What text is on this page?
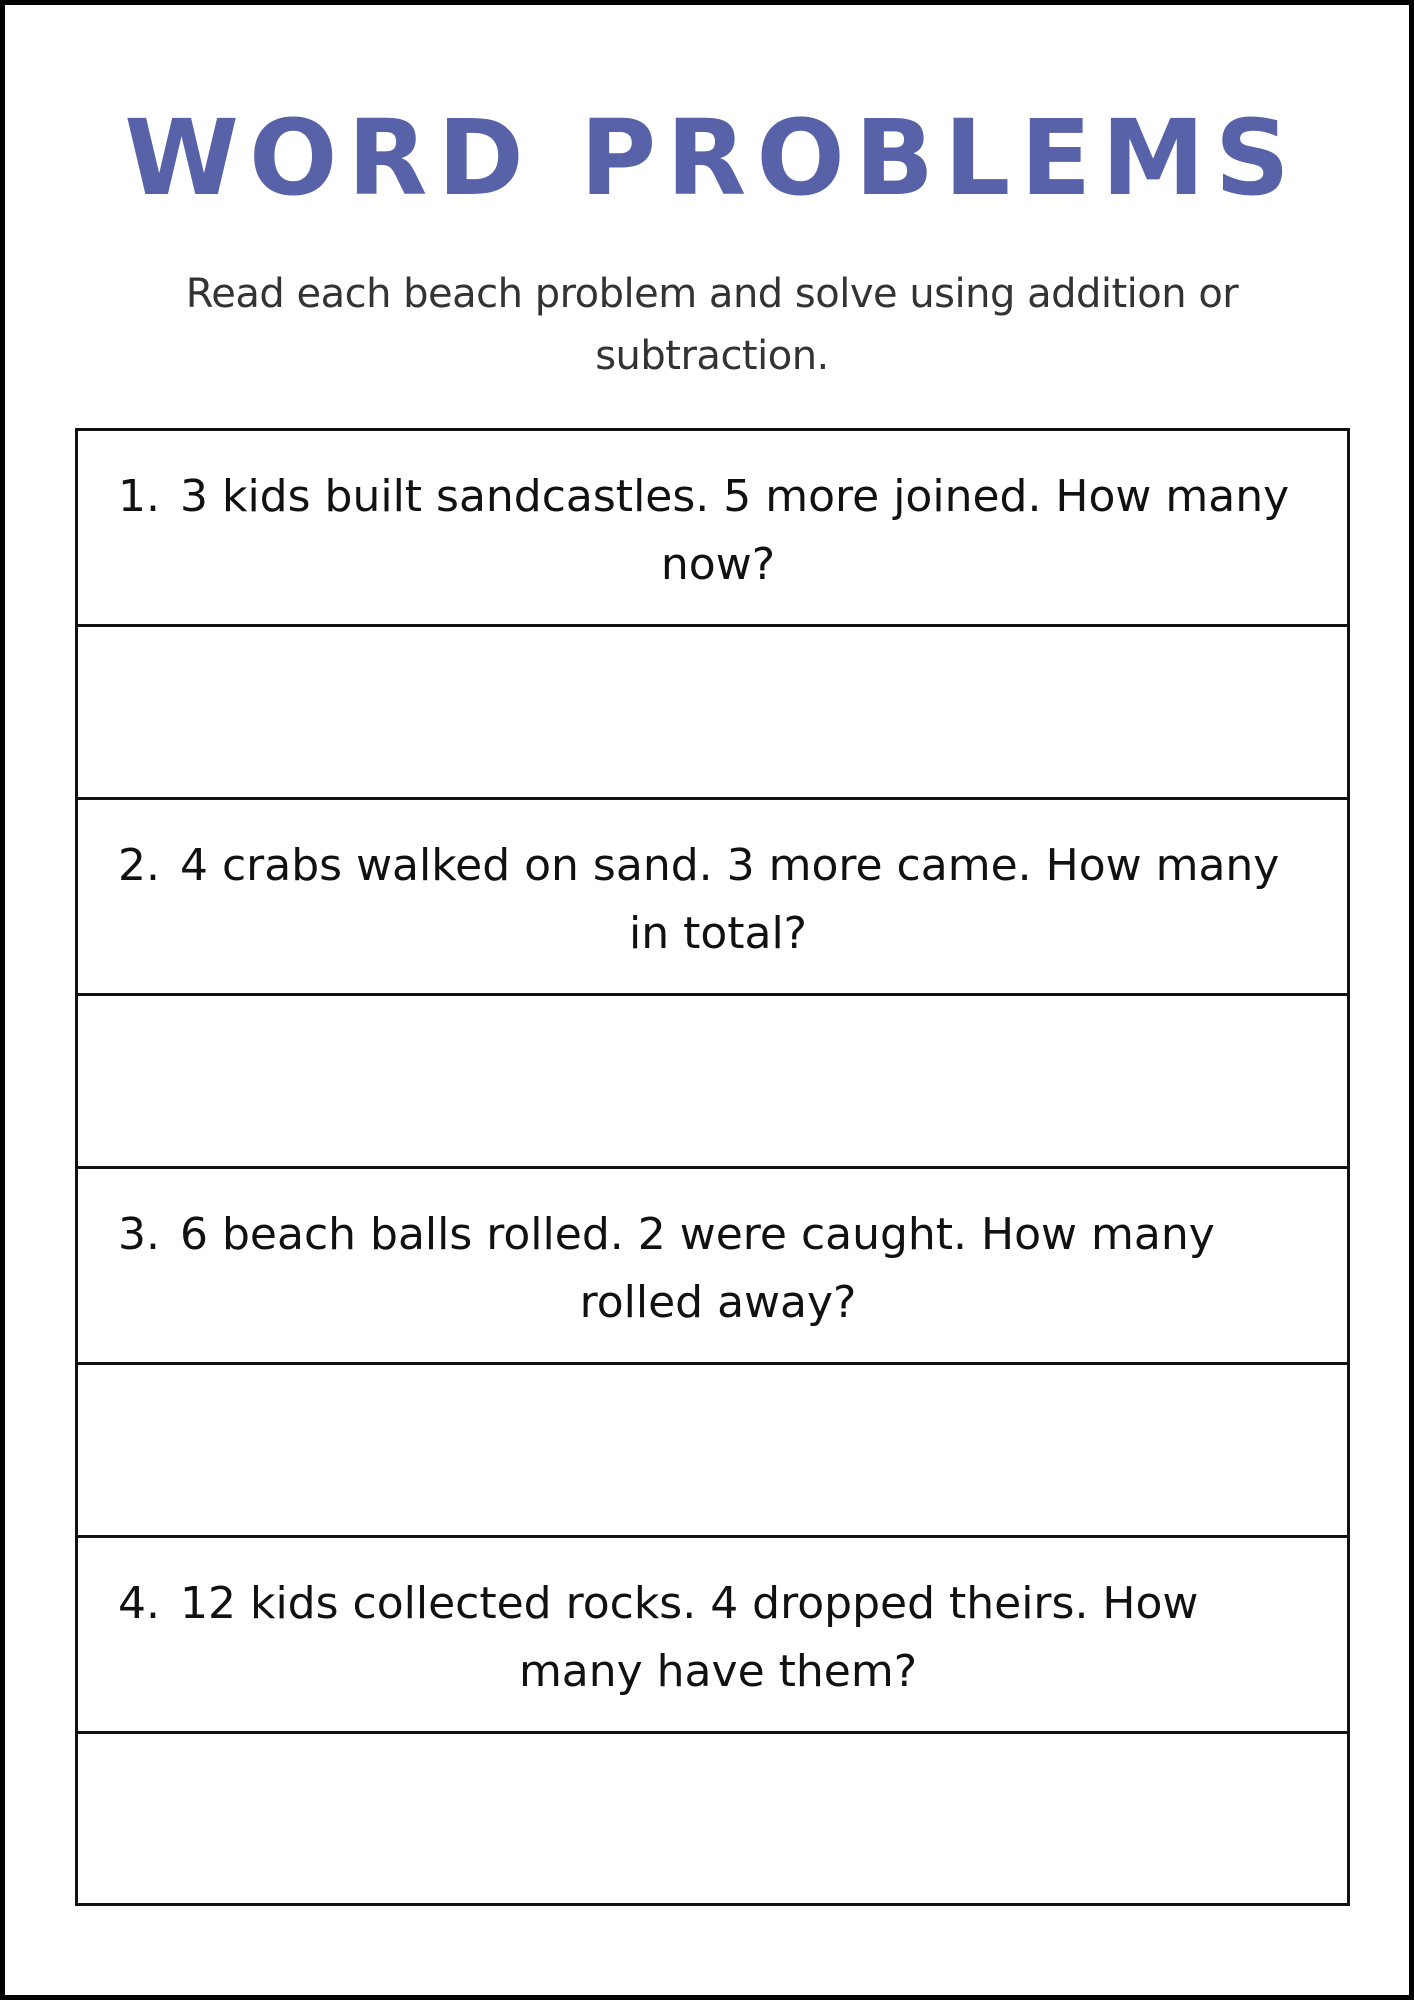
WORD PROBLEMS

Read each beach problem and solve using addition or subtraction.

1. 3 kids built sandcastles. 5 more joined. How many
now?
2. 4 crabs walked on sand. 3 more came. How many
in total?
3. 6 beach balls rolled. 2 were caught. How many
rolled away?
4. 12 kids collected rocks. 4 dropped theirs. How
many have them?
